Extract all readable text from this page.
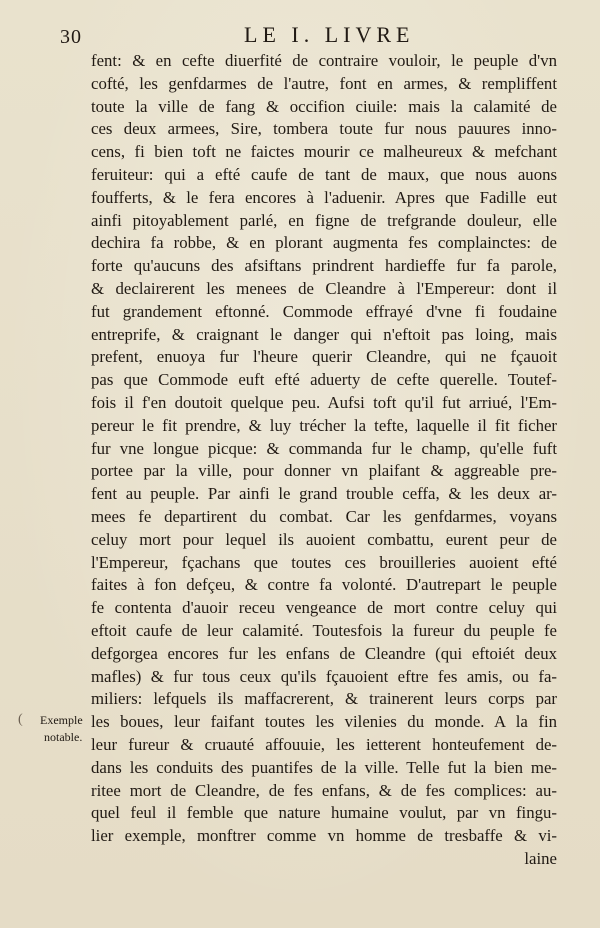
30	LE I. LIVRE
fent: & en cefte diuerfité de contraire vouloir, le peuple d'vn
cofté, les genfdarmes de l'autre, font en armes, & rempliffent
toute la ville de fang & occifion ciuile: mais la calamité de
ces deux armees, Sire, tombera toute fur nous pauures inno-
cens, fi bien toft ne faictes mourir ce malheureux & mefchant
feruiteur: qui a efté caufe de tant de maux, que nous auons
foufferts, & le fera encores à l'aduenir. Apres que Fadille eut
ainfi pitoyablement parlé, en figne de trefgrande douleur, elle
dechira fa robbe, & en plorant augmenta fes complainctes: de
forte qu'aucuns des afsiftans prindrent hardieffe fur fa parole,
& declairerent les menees de Cleandre à l'Empereur: dont il
fut grandement eftonné. Commode effrayé d'vne fi foudaine
entreprife, & craignant le danger qui n'eftoit pas loing, mais
prefent, enuoya fur l'heure querir Cleandre, qui ne fçauoit
pas que Commode euft efté aduerty de cefte querelle. Toutef-
fois il f'en doutoit quelque peu. Aufsi toft qu'il fut arriué, l'Em-
pereur le fit prendre, & luy trécher la tefte, laquelle il fit ficher
fur vne longue picque: & commanda fur le champ, qu'elle fuft
portee par la ville, pour donner vn plaifant & aggreable pre-
fent au peuple. Par ainfi le grand trouble ceffa, & les deux ar-
mees fe departirent du combat. Car les genfdarmes, voyans
celuy mort pour lequel ils auoient combattu, eurent peur de
l'Empereur, fçachans que toutes ces brouilleries auoient efté
faites à fon defçeu, & contre fa volonté. D'autrepart le peuple
fe contenta d'auoir receu vengeance de mort contre celuy qui
eftoit caufe de leur calamité. Toutesfois la fureur du peuple fe
defgorgea encores fur les enfans de Cleandre (qui eftoiét deux
mafles) & fur tous ceux qu'ils fçauoient eftre fes amis, ou fa-
miliers: lefquels ils maffacrerent, & trainerent leurs corps par
les boues, leur faifant toutes les vilenies du monde. A la fin
leur fureur & cruauté affouuie, les ietterent honteufement de-
dans les conduits des puantifes de la ville. Telle fut la bien me-
ritee mort de Cleandre, de fes enfans, & de fes complices: au-
quel feul il femble que nature humaine voulut, par vn fingu-
lier exemple, monftrer comme vn homme de tresbaffe & vi-
laine
( Exemple
notable.
